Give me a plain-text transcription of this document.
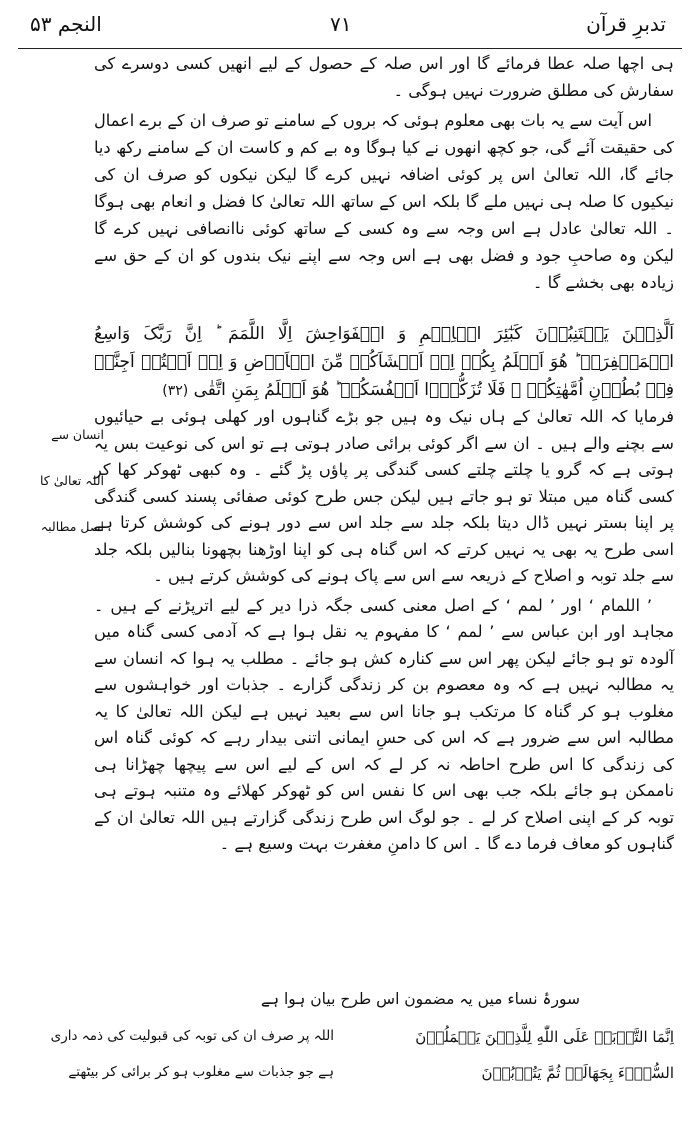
تدبرِ قرآن
۷۱
النجم ۵۳

ہی اچھا صلہ عطا فرمائے گا اور اس صلہ کے حصول کے لیے انھیں کسی دوسرے کی سفارش کی مطلق ضرورت نہیں ہوگی ۔

اس آیت سے یہ بات بھی معلوم ہوئی کہ بروں کے سامنے تو صرف ان کے برے اعمال کی حقیقت آئے گی، جو کچھ انھوں نے کیا ہوگا وہ بے کم و کاست ان کے سامنے رکھ دیا جائے گا، اللہ تعالیٰ اس پر کوئی اضافہ نہیں کرے گا لیکن نیکوں کو صرف ان کی نیکیوں کا صلہ ہی نہیں ملے گا بلکہ اس کے ساتھ اللہ تعالیٰ کا فضل و انعام بھی ہوگا ۔ اللہ تعالیٰ عادل ہے اس وجہ سے وہ کسی کے ساتھ کوئی ناانصافی نہیں کرے گا لیکن وہ صاحبِ جود و فضل بھی ہے اس وجہ سے اپنے نیک بندوں کو ان کے حق سے زیادہ بھی بخشے گا ۔

اَلَّذِیۡنَ یَجۡتَنِبُوۡنَ کَبٰٓئِرَ الۡاِثۡمِ وَ الۡفَوَاحِشَ اِلَّا اللَّمَمَ ؕ اِنَّ رَبَّکَ وَاسِعُ الۡمَغۡفِرَۃِ ؕ هُوَ اَعۡلَمُ بِکُمۡ اِذۡ اَنۡشَاَکُمۡ مِّنَ الۡاَرۡضِ وَ اِذۡ اَنۡتُمۡ اَجِنَّۃٌ فِیۡ بُطُوۡنِ اُمَّهٰتِکُمۡ ۚ فَلَا تُزَکُّوۡۤا اَنۡفُسَکُمۡ ؕ هُوَ اَعۡلَمُ بِمَنِ اتَّقٰی (۳۲)
انسان سے
اللہ تعالیٰ کا
اصل مطالبہ

فرمایا کہ اللہ تعالیٰ کے ہاں نیک وہ ہیں جو بڑے گناہوں اور کھلی ہوئی بے حیائیوں سے بچنے والے ہیں ۔ ان سے اگر کوئی برائی صادر ہوتی ہے تو اس کی نوعیت بس یہ ہوتی ہے کہ گرو یا چلتے چلتے کسی گندگی پر پاؤں پڑ گئے ۔ وہ کبھی ٹھوکر کھا کر کسی گناہ میں مبتلا تو ہو جاتے ہیں لیکن جس طرح کوئی صفائی پسند کسی گندگی پر اپنا بستر نہیں ڈال دیتا بلکہ جلد سے جلد اس سے دور ہونے کی کوشش کرتا ہے اسی طرح یہ بھی یہ نہیں کرتے کہ اس گناہ ہی کو اپنا اوڑھنا بچھونا بنالیں بلکہ جلد سے جلد توبہ و اصلاح کے ذریعہ سے اس سے پاک ہونے کی کوشش کرتے ہیں ۔

’ اللمام ‘ اور ’ لمم ‘ کے اصل معنی کسی جگہ ذرا دیر کے لیے اترپڑنے کے ہیں ۔ مجاہد اور ابن عباس سے ’ لمم ‘ کا مفہوم یہ نقل ہوا ہے کہ آدمی کسی گناہ میں آلودہ تو ہو جائے لیکن پھر اس سے کنارہ کش ہو جائے ۔ مطلب یہ ہوا کہ انسان سے یہ مطالبہ نہیں ہے کہ وہ معصوم بن کر زندگی گزارے ۔ جذبات اور خواہشوں سے مغلوب ہو کر گناہ کا مرتکب ہو جانا اس سے بعید نہیں ہے لیکن اللہ تعالیٰ کا یہ مطالبہ اس سے ضرور ہے کہ اس کی حسِ ایمانی اتنی بیدار رہے کہ کوئی گناہ اس کی زندگی کا اس طرح احاطہ نہ کر لے کہ اس کے لیے اس سے پیچھا چھڑانا ہی ناممکن ہو جائے بلکہ جب بھی اس کا نفس اس کو ٹھوکر کھلائے وہ متنبہ ہوتے ہی توبہ کر کے اپنی اصلاح کر لے ۔ جو لوگ اس طرح زندگی گزارتے ہیں اللہ تعالیٰ ان کے گناہوں کو معاف فرما دے گا ۔ اس کا دامنِ مغفرت بہت وسیع ہے ۔

سورۂ نساء میں یہ مضمون اس طرح بیان ہوا ہے
اِنَّمَا التَّوۡبَۃُ عَلَی اللّٰهِ لِلَّذِیۡنَ یَعۡمَلُوۡنَ
اللہ پر صرف ان کی توبہ کی قبولیت کی ذمہ داری
السُّوۡٓءَ بِجَهَالَۃٍ ثُمَّ یَتُوۡبُوۡنَ
ہے جو جذبات سے مغلوب ہو کر برائی کر بیٹھتے
